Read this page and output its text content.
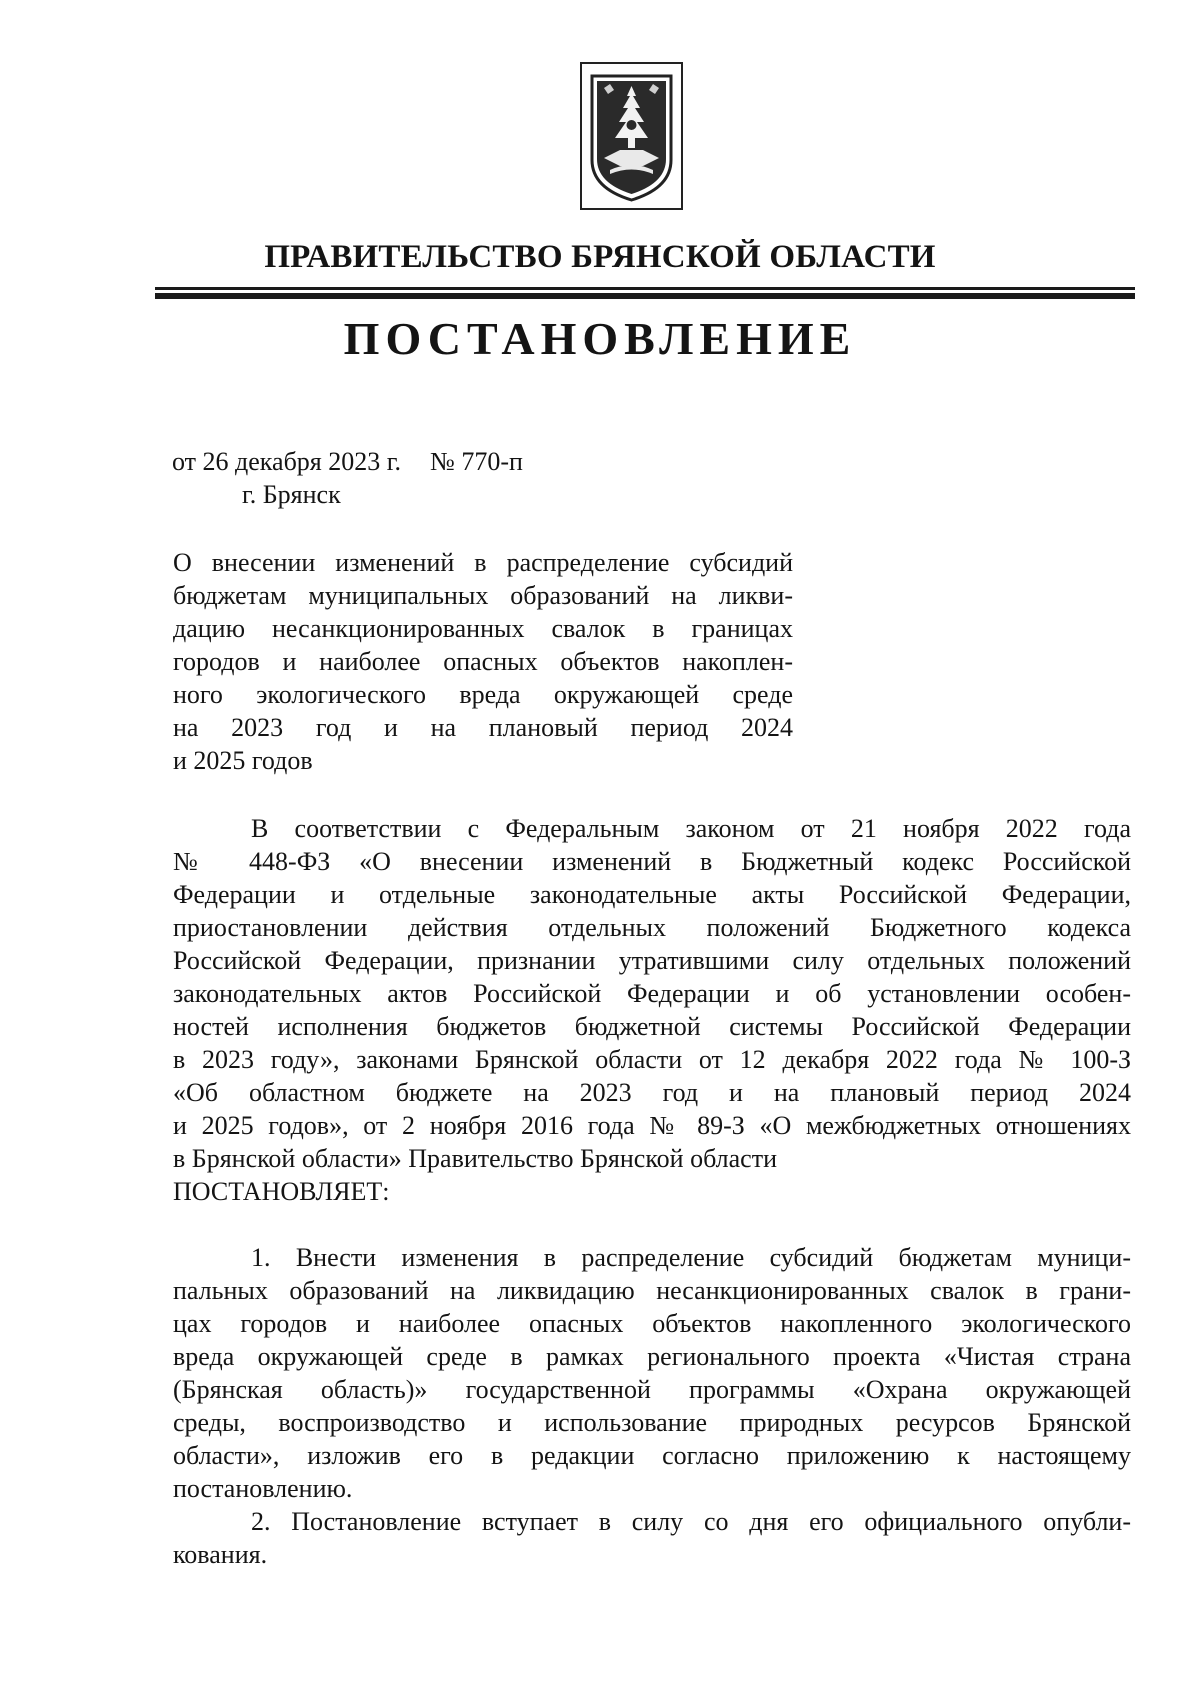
ПРАВИТЕЛЬСТВО БРЯНСКОЙ ОБЛАСТИ
ПОСТАНОВЛЕНИЕ
от 26 декабря 2023 г. № 770-п
г. Брянск
О внесении изменений в распределение субсидий
бюджетам муниципальных образований на ликви-
дацию несанкционированных свалок в границах
городов и наиболее опасных объектов накоплен-
ного экологического вреда окружающей среде
на 2023 год и на плановый период 2024
и 2025 годов
В соответствии с Федеральным законом от 21 ноября 2022 года
№ 448-ФЗ «О внесении изменений в Бюджетный кодекс Российской
Федерации и отдельные законодательные акты Российской Федерации,
приостановлении действия отдельных положений Бюджетного кодекса
Российской Федерации, признании утратившими силу отдельных положений
законодательных актов Российской Федерации и об установлении особен-
ностей исполнения бюджетов бюджетной системы Российской Федерации
в 2023 году», законами Брянской области от 12 декабря 2022 года № 100-З
«Об областном бюджете на 2023 год и на плановый период 2024
и 2025 годов», от 2 ноября 2016 года № 89-З «О межбюджетных отношениях
в Брянской области» Правительство Брянской области
ПОСТАНОВЛЯЕТ:
1. Внести изменения в распределение субсидий бюджетам муници-
пальных образований на ликвидацию несанкционированных свалок в грани-
цах городов и наиболее опасных объектов накопленного экологического
вреда окружающей среде в рамках регионального проекта «Чистая страна
(Брянская область)» государственной программы «Охрана окружающей
среды, воспроизводство и использование природных ресурсов Брянской
области», изложив его в редакции согласно приложению к настоящему
постановлению.
2. Постановление вступает в силу со дня его официального опубли-
кования.
